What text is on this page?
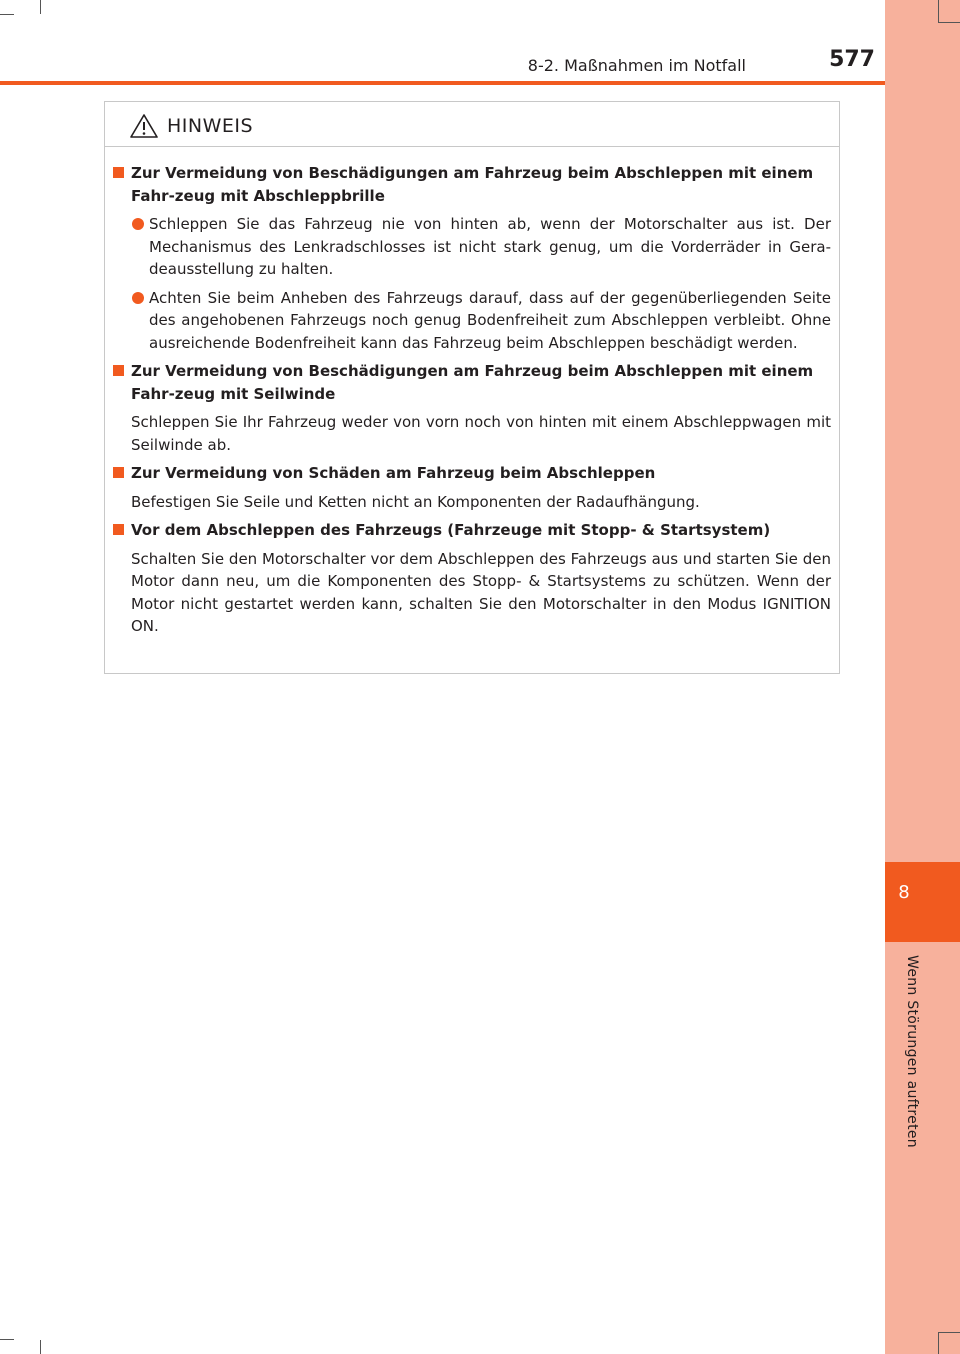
8
Wenn Störungen auftreten
8-2. Maßnahmen im Notfall	577
HINWEIS
Zur Vermeidung von Beschädigungen am Fahrzeug beim Abschleppen mit einem Fahr-zeug mit Abschleppbrille
Schleppen Sie das Fahrzeug nie von hinten ab, wenn der Motorschalter aus ist. Der Mechanismus des Lenkradschlosses ist nicht stark genug, um die Vorderräder in Gera-deausstellung zu halten.
Achten Sie beim Anheben des Fahrzeugs darauf, dass auf der gegenüberliegenden Seite des angehobenen Fahrzeugs noch genug Bodenfreiheit zum Abschleppen verbleibt. Ohne ausreichende Bodenfreiheit kann das Fahrzeug beim Abschleppen beschädigt werden.
Zur Vermeidung von Beschädigungen am Fahrzeug beim Abschleppen mit einem Fahr-zeug mit Seilwinde
Schleppen Sie Ihr Fahrzeug weder von vorn noch von hinten mit einem Abschleppwagen mit Seilwinde ab.
Zur Vermeidung von Schäden am Fahrzeug beim Abschleppen
Befestigen Sie Seile und Ketten nicht an Komponenten der Radaufhängung.
Vor dem Abschleppen des Fahrzeugs (Fahrzeuge mit Stopp- & Startsystem)
Schalten Sie den Motorschalter vor dem Abschleppen des Fahrzeugs aus und starten Sie den Motor dann neu, um die Komponenten des Stopp- & Startsystems zu schützen. Wenn der Motor nicht gestartet werden kann, schalten Sie den Motorschalter in den Modus IGNITION ON.
